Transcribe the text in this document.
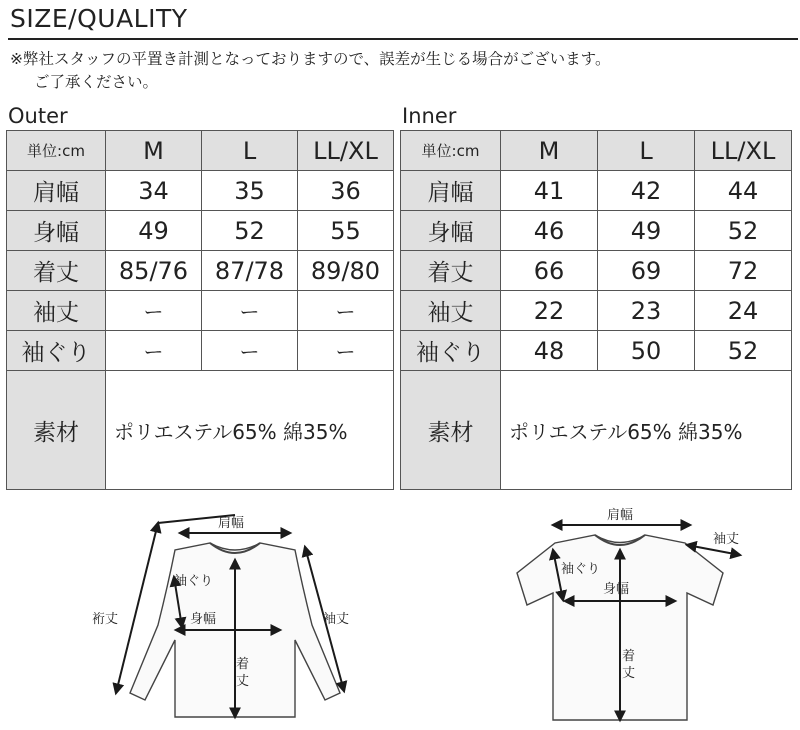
SIZE/QUALITY
※弊社スタッフの平置き計測となっておりますので、誤差が生じる場合がございます。
ご了承ください。
Outer
単位:cm	M	L	LL/XL
肩幅	34	35	36
身幅	49	52	55
着丈	85/76	87/78	89/80
袖丈	ー	ー	ー
袖ぐり	ー	ー	ー
素材	ポリエステル65% 綿35%		
Inner
単位:cm	M	L	LL/XL
肩幅	41	42	44
身幅	46	49	52
着丈	66	69	72
袖丈	22	23	24
袖ぐり	48	50	52
素材	ポリエステル65% 綿35%		
肩幅
裄丈	袖丈
袖ぐり
身幅
着
丈
肩幅
袖丈
袖ぐり
身幅
着
丈
